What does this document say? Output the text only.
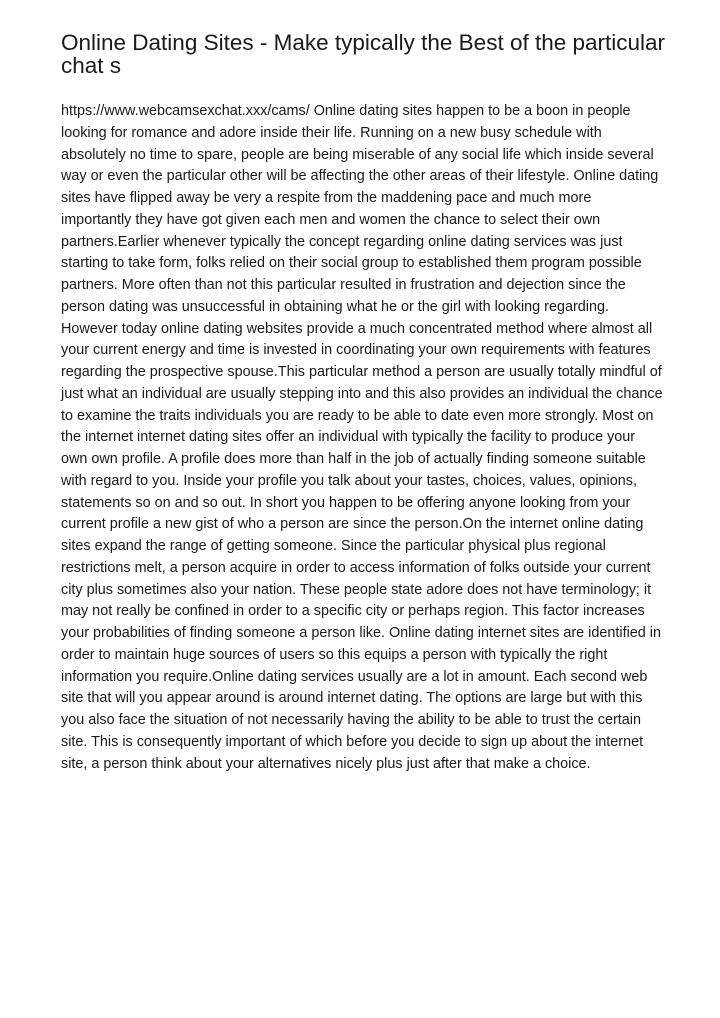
Online Dating Sites - Make typically the Best of the particular chat s

https://www.webcamsexchat.xxx/cams/ Online dating sites happen to be a boon in people looking for romance and adore inside their life. Running on a new busy schedule with absolutely no time to spare, people are being miserable of any social life which inside several way or even the particular other will be affecting the other areas of their lifestyle. Online dating sites have flipped away be very a respite from the maddening pace and much more importantly they have got given each men and women the chance to select their own partners.Earlier whenever typically the concept regarding online dating services was just starting to take form, folks relied on their social group to established them program possible partners. More often than not this particular resulted in frustration and dejection since the person dating was unsuccessful in obtaining what he or the girl with looking regarding. However today online dating websites provide a much concentrated method where almost all your current energy and time is invested in coordinating your own requirements with features regarding the prospective spouse.This particular method a person are usually totally mindful of just what an individual are usually stepping into and this also provides an individual the chance to examine the traits individuals you are ready to be able to date even more strongly. Most on the internet internet dating sites offer an individual with typically the facility to produce your own own profile. A profile does more than half in the job of actually finding someone suitable with regard to you. Inside your profile you talk about your tastes, choices, values, opinions, statements so on and so out. In short you happen to be offering anyone looking from your current profile a new gist of who a person are since the person.On the internet online dating sites expand the range of getting someone. Since the particular physical plus regional restrictions melt, a person acquire in order to access information of folks outside your current city plus sometimes also your nation. These people state adore does not have terminology; it may not really be confined in order to a specific city or perhaps region. This factor increases your probabilities of finding someone a person like. Online dating internet sites are identified in order to maintain huge sources of users so this equips a person with typically the right information you require.Online dating services usually are a lot in amount. Each second web site that will you appear around is around internet dating. The options are large but with this you also face the situation of not necessarily having the ability to be able to trust the certain site. This is consequently important of which before you decide to sign up about the internet site, a person think about your alternatives nicely plus just after that make a choice.
